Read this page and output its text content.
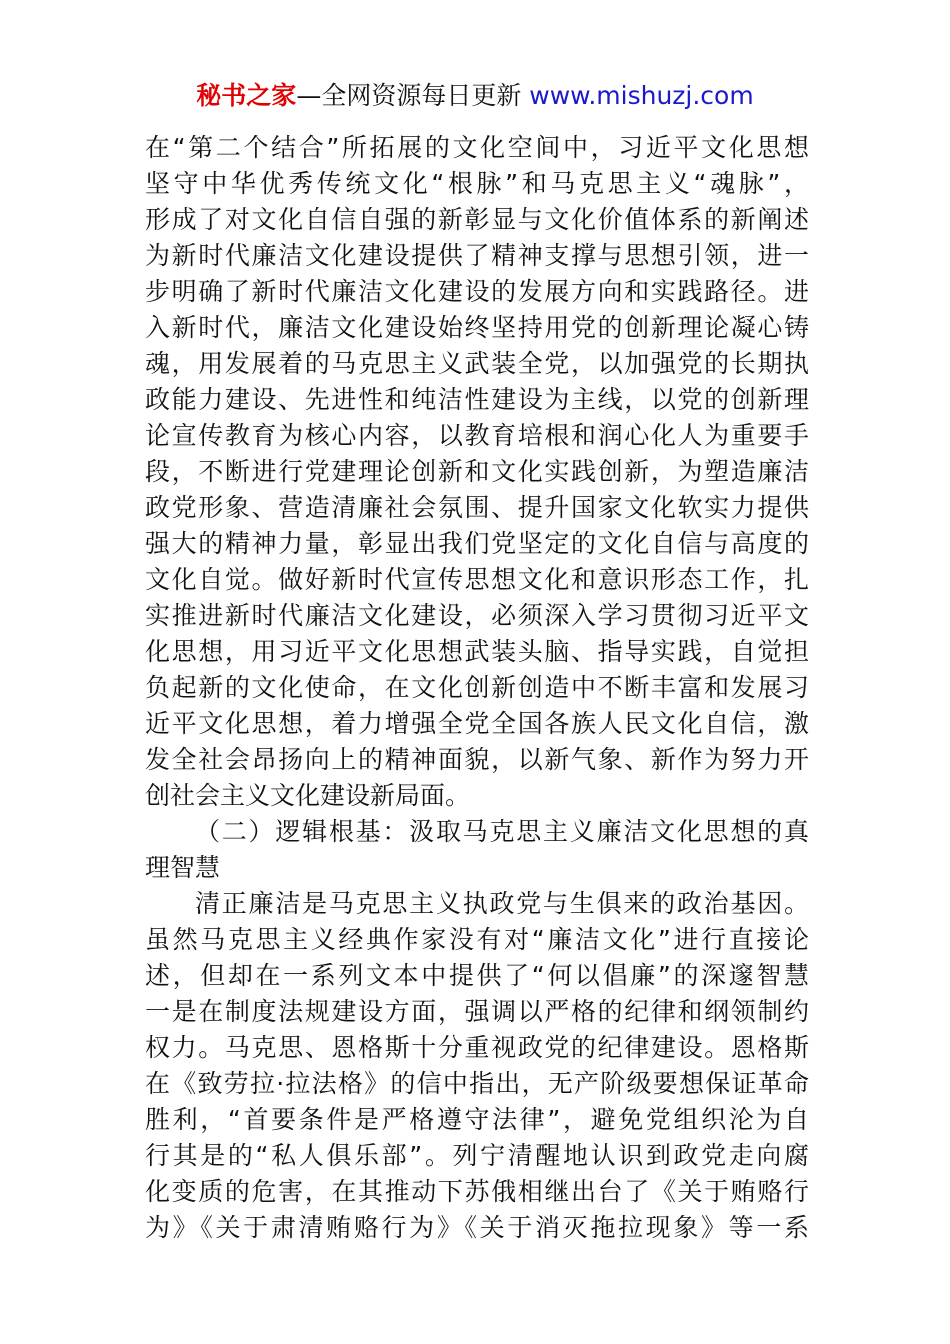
秘书之家—全网资源每日更新 www.mishuzj.com
在“第二个结合”所拓展的文化空间中，习近平文化思想
坚守中华优秀传统文化“根脉”和马克思主义“魂脉”，
形成了对文化自信自强的新彰显与文化价值体系的新阐述
为新时代廉洁文化建设提供了精神支撑与思想引领，进一
步明确了新时代廉洁文化建设的发展方向和实践路径。进
入新时代，廉洁文化建设始终坚持用党的创新理论凝心铸
魂，用发展着的马克思主义武装全党，以加强党的长期执
政能力建设、先进性和纯洁性建设为主线，以党的创新理
论宣传教育为核心内容，以教育培根和润心化人为重要手
段，不断进行党建理论创新和文化实践创新，为塑造廉洁
政党形象、营造清廉社会氛围、提升国家文化软实力提供
强大的精神力量，彰显出我们党坚定的文化自信与高度的
文化自觉。做好新时代宣传思想文化和意识形态工作，扎
实推进新时代廉洁文化建设，必须深入学习贯彻习近平文
化思想，用习近平文化思想武装头脑、指导实践，自觉担
负起新的文化使命，在文化创新创造中不断丰富和发展习
近平文化思想，着力增强全党全国各族人民文化自信，激
发全社会昂扬向上的精神面貌，以新气象、新作为努力开
创社会主义文化建设新局面。
（二）逻辑根基：汲取马克思主义廉洁文化思想的真
理智慧
清正廉洁是马克思主义执政党与生俱来的政治基因。
虽然马克思主义经典作家没有对“廉洁文化”进行直接论
述，但却在一系列文本中提供了“何以倡廉”的深邃智慧
一是在制度法规建设方面，强调以严格的纪律和纲领制约
权力。马克思、恩格斯十分重视政党的纪律建设。恩格斯
在《致劳拉·拉法格》的信中指出，无产阶级要想保证革命
胜利，“首要条件是严格遵守法律”，避免党组织沦为自
行其是的“私人俱乐部”。列宁清醒地认识到政党走向腐
化变质的危害，在其推动下苏俄相继出台了《关于贿赂行
为》《关于肃清贿赂行为》《关于消灭拖拉现象》等一系
